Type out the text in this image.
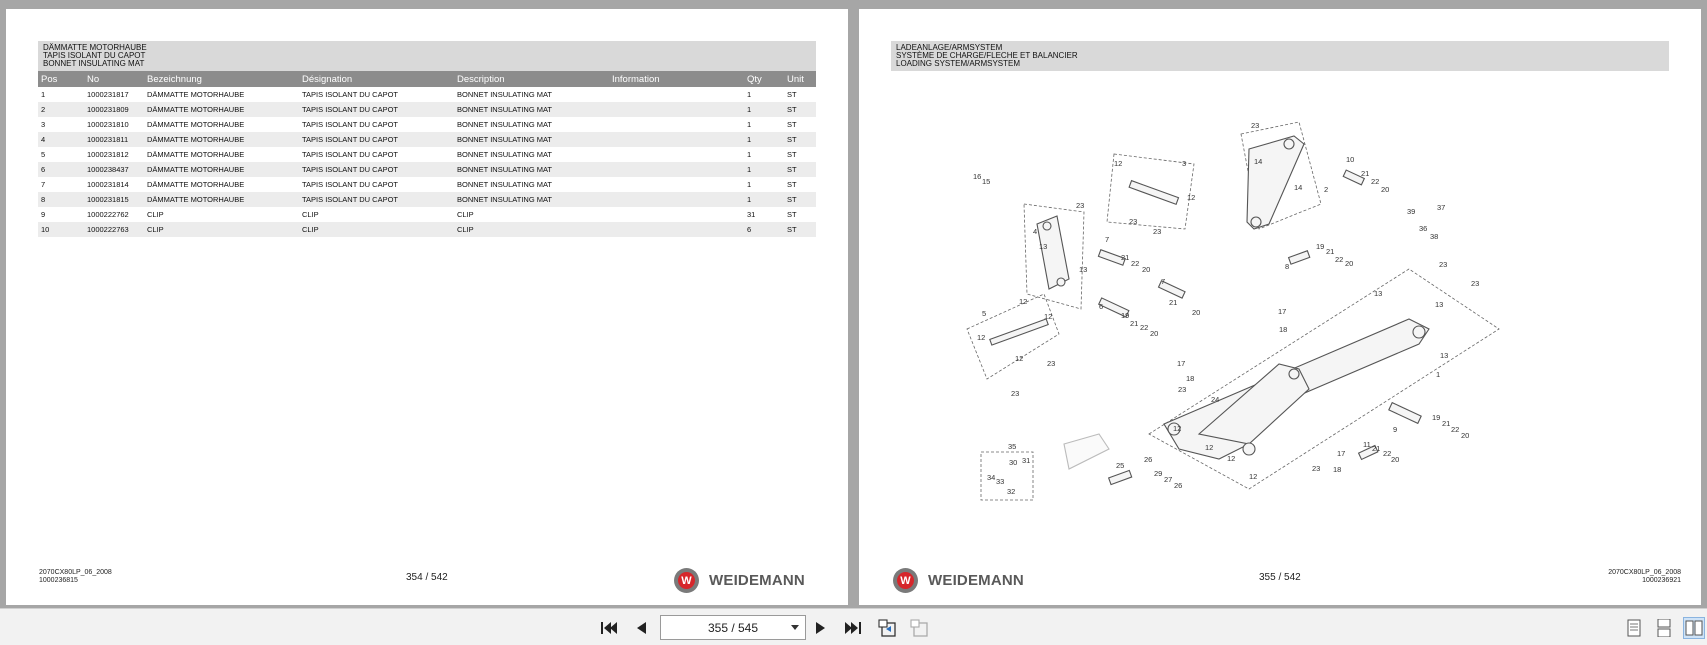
DÄMMATTE MOTORHAUBE
TAPIS ISOLANT DU CAPOT
BONNET INSULATING MAT
Pos	No	Bezeichnung	Désignation	Description	Information	Qty	Unit
1	1000231817	DÄMMATTE MOTORHAUBE	TAPIS ISOLANT DU CAPOT	BONNET INSULATING MAT		1	ST
2	1000231809	DÄMMATTE MOTORHAUBE	TAPIS ISOLANT DU CAPOT	BONNET INSULATING MAT		1	ST
3	1000231810	DÄMMATTE MOTORHAUBE	TAPIS ISOLANT DU CAPOT	BONNET INSULATING MAT		1	ST
4	1000231811	DÄMMATTE MOTORHAUBE	TAPIS ISOLANT DU CAPOT	BONNET INSULATING MAT		1	ST
5	1000231812	DÄMMATTE MOTORHAUBE	TAPIS ISOLANT DU CAPOT	BONNET INSULATING MAT		1	ST
6	1000238437	DÄMMATTE MOTORHAUBE	TAPIS ISOLANT DU CAPOT	BONNET INSULATING MAT		1	ST
7	1000231814	DÄMMATTE MOTORHAUBE	TAPIS ISOLANT DU CAPOT	BONNET INSULATING MAT		1	ST
8	1000231815	DÄMMATTE MOTORHAUBE	TAPIS ISOLANT DU CAPOT	BONNET INSULATING MAT		1	ST
9	1000222762	CLIP	CLIP	CLIP		31	ST
10	1000222763	CLIP	CLIP	CLIP		6	ST
2070CX80LP_06_2008
1000236815	354 / 542	W WEIDEMANN
LADEANLAGE/ARMSYSTEM
SYSTÈME DE CHARGE/FLECHE ET BALANCIER
LOADING SYSTEM/ARMSYSTEM
23
10
21
22
20
16
15
12	3
12
14
14	2
23
23
4
13
13
23
39	37
36
38
7
21
22
20
7
21
20
6
19
21 22
20
19
21
22 20
8
5
12
12
12
12
23
23
17
18
13
23
13
23
13
1
17
18
23
24
12
12
12
12
19
21
22
20
9
35
30 31
34 33
32
25
26
29
27
26
11 21
22
20
17
18
23
2070CX80LP_06_2008
1000236921
355 / 542
W WEIDEMANN
355 / 545
